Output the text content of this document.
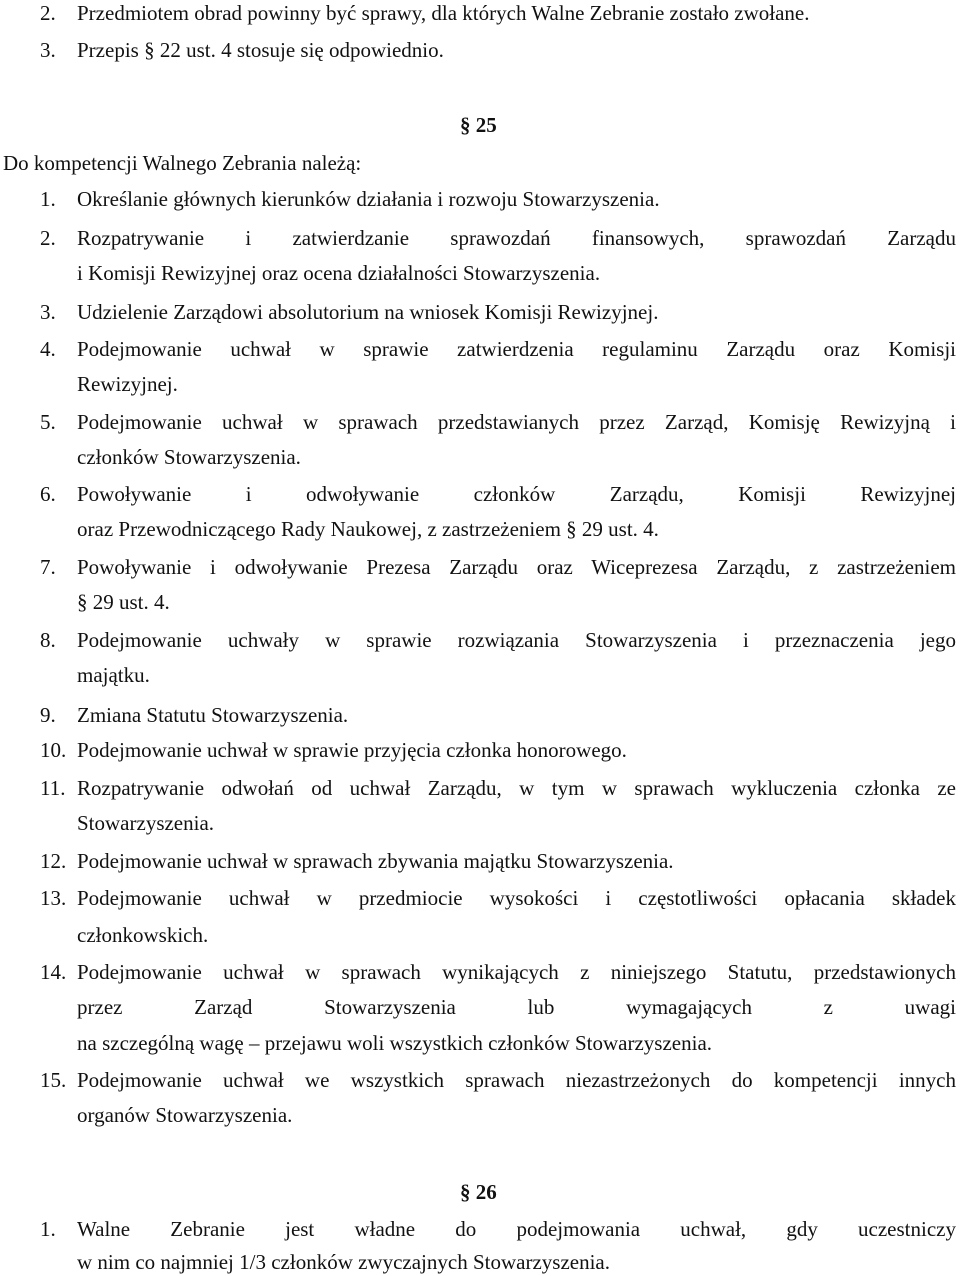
2. Przedmiotem obrad powinny być sprawy, dla których Walne Zebranie zostało zwołane.
3. Przepis § 22 ust. 4 stosuje się odpowiednio.
§ 25
Do kompetencji Walnego Zebrania należą:
1. Określanie głównych kierunków działania i rozwoju Stowarzyszenia.
2. Rozpatrywanie i zatwierdzanie sprawozdań finansowych, sprawozdań Zarządu
i Komisji Rewizyjnej oraz ocena działalności Stowarzyszenia.
3. Udzielenie Zarządowi absolutorium na wniosek Komisji Rewizyjnej.
4. Podejmowanie uchwał w sprawie zatwierdzenia regulaminu Zarządu oraz Komisji
Rewizyjnej.
5. Podejmowanie uchwał w sprawach przedstawianych przez Zarząd, Komisję Rewizyjną i
członków Stowarzyszenia.
6. Powoływanie i odwoływanie członków Zarządu, Komisji Rewizyjnej
oraz Przewodniczącego Rady Naukowej, z zastrzeżeniem § 29 ust. 4.
7. Powoływanie i odwoływanie Prezesa Zarządu oraz Wiceprezesa Zarządu, z zastrzeżeniem
§ 29 ust. 4.
8. Podejmowanie uchwały w sprawie rozwiązania Stowarzyszenia i przeznaczenia jego
majątku.
9. Zmiana Statutu Stowarzyszenia.
10. Podejmowanie uchwał w sprawie przyjęcia członka honorowego.
11. Rozpatrywanie odwołań od uchwał Zarządu, w tym w sprawach wykluczenia członka ze
Stowarzyszenia.
12. Podejmowanie uchwał w sprawach zbywania majątku Stowarzyszenia.
13. Podejmowanie uchwał w przedmiocie wysokości i częstotliwości opłacania składek
członkowskich.
14. Podejmowanie uchwał w sprawach wynikających z niniejszego Statutu, przedstawionych
przez Zarząd Stowarzyszenia lub wymagających z uwagi
na szczególną wagę – przejawu woli wszystkich członków Stowarzyszenia.
15. Podejmowanie uchwał we wszystkich sprawach niezastrzeżonych do kompetencji innych
organów Stowarzyszenia.
§ 26
1. Walne Zebranie jest władne do podejmowania uchwał, gdy uczestniczy
w nim co najmniej 1/3 członków zwyczajnych Stowarzyszenia.
